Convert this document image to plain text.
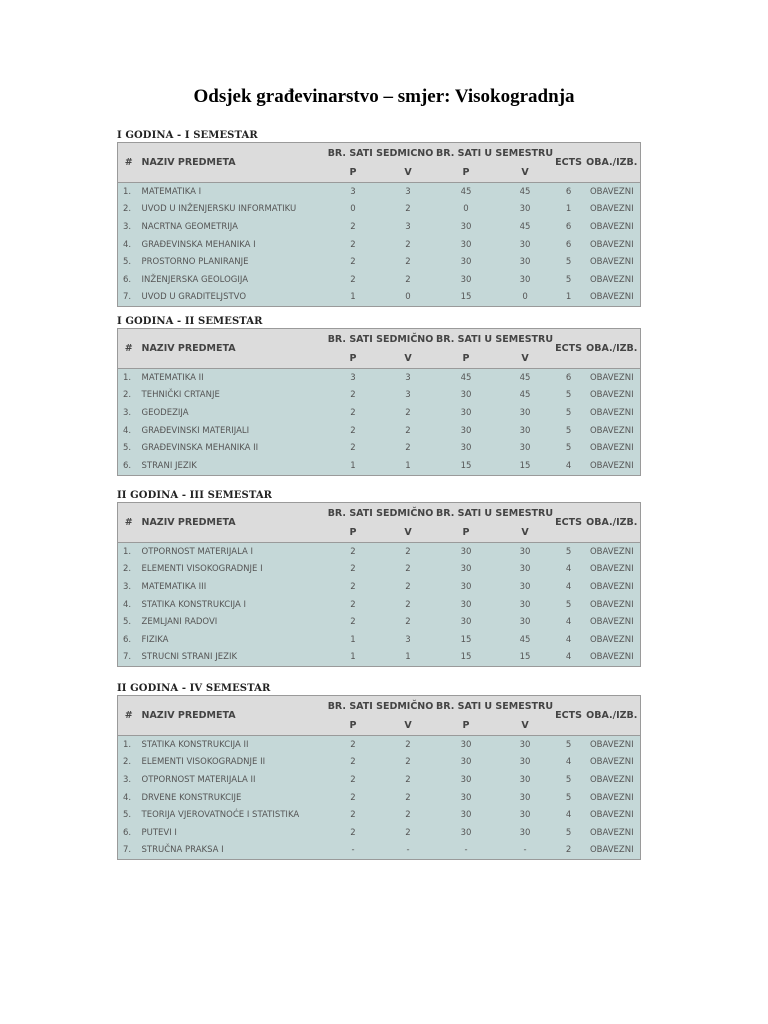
Odsjek građevinarstvo – smjer: Visokogradnja
I GODINA - I SEMESTAR
#	NAZIV PREDMETA	BR. SATI SEDMICNO		BR. SATI U SEMESTRU		ECTS	OBA./IZB.
		P	V	P	V		
1.	MATEMATIKA I	3	3	45	45	6	OBAVEZNI
2.	UVOD U INŽENJERSKU INFORMATIKU	0	2	0	30	1	OBAVEZNI
3.	NACRTNA GEOMETRIJA	2	3	30	45	6	OBAVEZNI
4.	GRAĐEVINSKA MEHANIKA I	2	2	30	30	6	OBAVEZNI
5.	PROSTORNO PLANIRANJE	2	2	30	30	5	OBAVEZNI
6.	INŽENJERSKA GEOLOGIJA	2	2	30	30	5	OBAVEZNI
7.	UVOD U GRADITELJSTVO	1	0	15	0	1	OBAVEZNI
I GODINA - II SEMESTAR
#	NAZIV PREDMETA	BR. SATI SEDMIČNO		BR. SATI U SEMESTRU		ECTS	OBA./IZB.
		P	V	P	V		
1.	MATEMATIKA II	3	3	45	45	6	OBAVEZNI
2.	TEHNIČKI CRTANJE	2	3	30	45	5	OBAVEZNI
3.	GEODEZIJA	2	2	30	30	5	OBAVEZNI
4.	GRAĐEVINSKI MATERIJALI	2	2	30	30	5	OBAVEZNI
5.	GRAĐEVINSKA MEHANIKA II	2	2	30	30	5	OBAVEZNI
6.	STRANI JEZIK	1	1	15	15	4	OBAVEZNI
II GODINA - III SEMESTAR
#	NAZIV PREDMETA	BR. SATI SEDMIČNO		BR. SATI U SEMESTRU		ECTS	OBA./IZB.
		P	V	P	V		
1.	OTPORNOST MATERIJALA I	2	2	30	30	5	OBAVEZNI
2.	ELEMENTI VISOKOGRADNJE I	2	2	30	30	4	OBAVEZNI
3.	MATEMATIKA III	2	2	30	30	4	OBAVEZNI
4.	STATIKA KONSTRUKCIJA I	2	2	30	30	5	OBAVEZNI
5.	ZEMLJANI RADOVI	2	2	30	30	4	OBAVEZNI
6.	FIZIKA	1	3	15	45	4	OBAVEZNI
7.	STRUCNI STRANI JEZIK	1	1	15	15	4	OBAVEZNI
II GODINA - IV SEMESTAR
#	NAZIV PREDMETA	BR. SATI SEDMIČNO		BR. SATI U SEMESTRU		ECTS	OBA./IZB.
		P	V	P	V		
1.	STATIKA KONSTRUKCIJA II	2	2	30	30	5	OBAVEZNI
2.	ELEMENTI VISOKOGRADNJE II	2	2	30	30	4	OBAVEZNI
3.	OTPORNOST MATERIJALA II	2	2	30	30	5	OBAVEZNI
4.	DRVENE KONSTRUKCIJE	2	2	30	30	5	OBAVEZNI
5.	TEORIJA VJEROVATNOĆE I STATISTIKA	2	2	30	30	4	OBAVEZNI
6.	PUTEVI I	2	2	30	30	5	OBAVEZNI
7.	STRUČNA PRAKSA I	-	-	-	-	2	OBAVEZNI
